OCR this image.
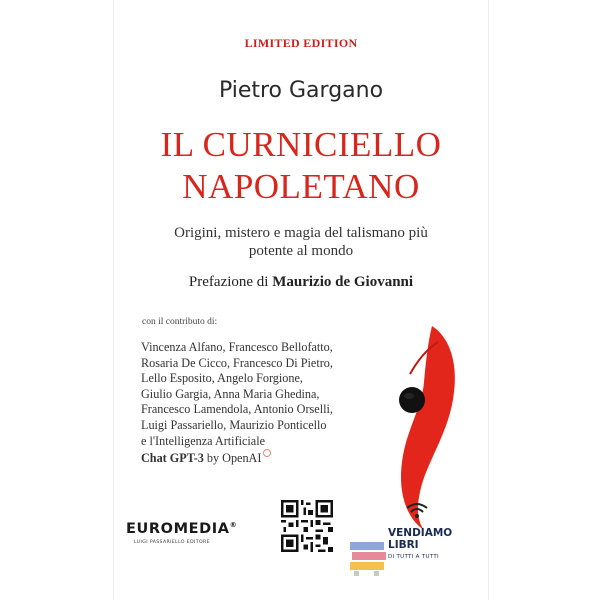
LIMITED EDITION
Pietro Gargano
IL CURNICIELLO
NAPOLETANO
Origini, mistero e magia del talismano più
potente al mondo
Prefazione di Maurizio de Giovanni
con il contributo di:
Vincenza Alfano, Francesco Bellofatto,
Rosaria De Cicco, Francesco Di Pietro,
Lello Esposito, Angelo Forgione,
Giulio Gargia, Anna Maria Ghedina,
Francesco Lamendola, Antonio Orselli,
Luigi Passariello, Maurizio Ponticello
e l'Intelligenza Artificiale
Chat GPT-3 by OpenAI
EUROMEDIA®
LUIGI PASSARIELLO EDITORE
VENDIAMO
LIBRI
DI TUTTI A TUTTI
